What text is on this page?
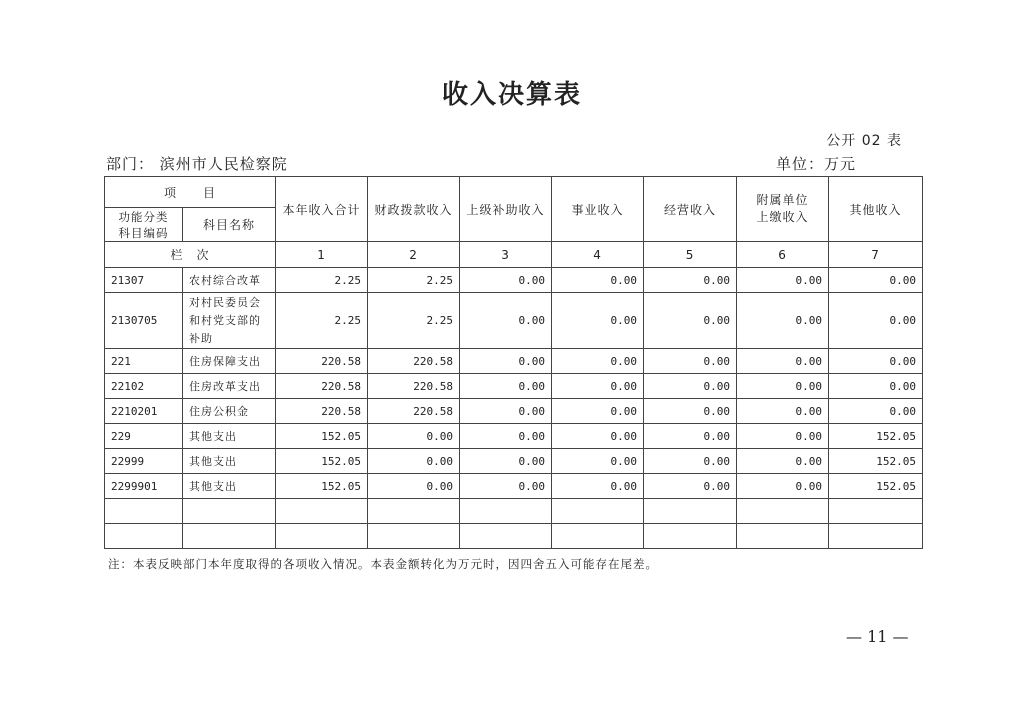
收入决算表
公开 02 表
部门： 滨州市人民检察院	单位：万元
项　　目		本年收入合计	财政拨款收入	上级补助收入	事业收入	经营收入	附属单位上缴收入	其他收入
功能分类科目编码	科目名称							
栏　次		1	2	3	4	5	6	7
21307	农村综合改革	2.25	2.25	0.00	0.00	0.00	0.00	0.00
2130705	对村民委员会和村党支部的补助	2.25	2.25	0.00	0.00	0.00	0.00	0.00
221	住房保障支出	220.58	220.58	0.00	0.00	0.00	0.00	0.00
22102	住房改革支出	220.58	220.58	0.00	0.00	0.00	0.00	0.00
2210201	住房公积金	220.58	220.58	0.00	0.00	0.00	0.00	0.00
229	其他支出	152.05	0.00	0.00	0.00	0.00	0.00	152.05
22999	其他支出	152.05	0.00	0.00	0.00	0.00	0.00	152.05
2299901	其他支出	152.05	0.00	0.00	0.00	0.00	0.00	152.05

注：本表反映部门本年度取得的各项收入情况。本表金额转化为万元时，因四舍五入可能存在尾差。
— 11 —
